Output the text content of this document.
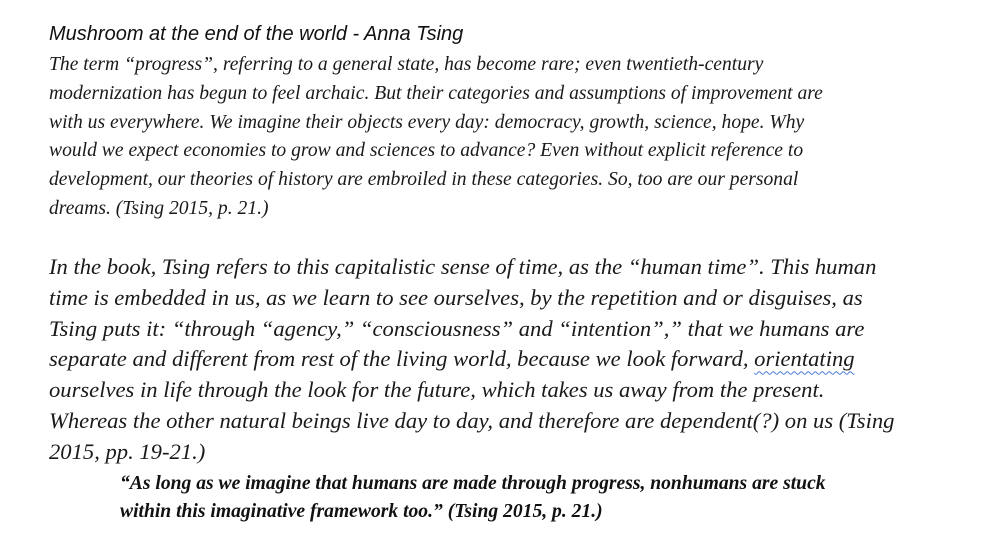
Mushroom at the end of the world - Anna Tsing

The term “progress”, referring to a general state, has become rare; even twentieth-century
modernization has begun to feel archaic. But their categories and assumptions of improvement are
with us everywhere. We imagine their objects every day: democracy, growth, science, hope. Why
would we expect economies to grow and sciences to advance? Even without explicit reference to
development, our theories of history are embroiled in these categories. So, too are our personal
dreams. (Tsing 2015, p. 21.)

In the book, Tsing refers to this capitalistic sense of time, as the “human time”. This human
time is embedded in us, as we learn to see ourselves, by the repetition and or disguises, as
Tsing puts it: “through “agency,” “consciousness” and “intention”,” that we humans are
separate and different from rest of the living world, because we look forward, orientating
ourselves in life through the look for the future, which takes us away from the present.
Whereas the other natural beings live day to day, and therefore are dependent(?) on us (Tsing
2015, pp. 19-21.)

“As long as we imagine that humans are made through progress, nonhumans are stuck
within this imaginative framework too.” (Tsing 2015, p. 21.)
